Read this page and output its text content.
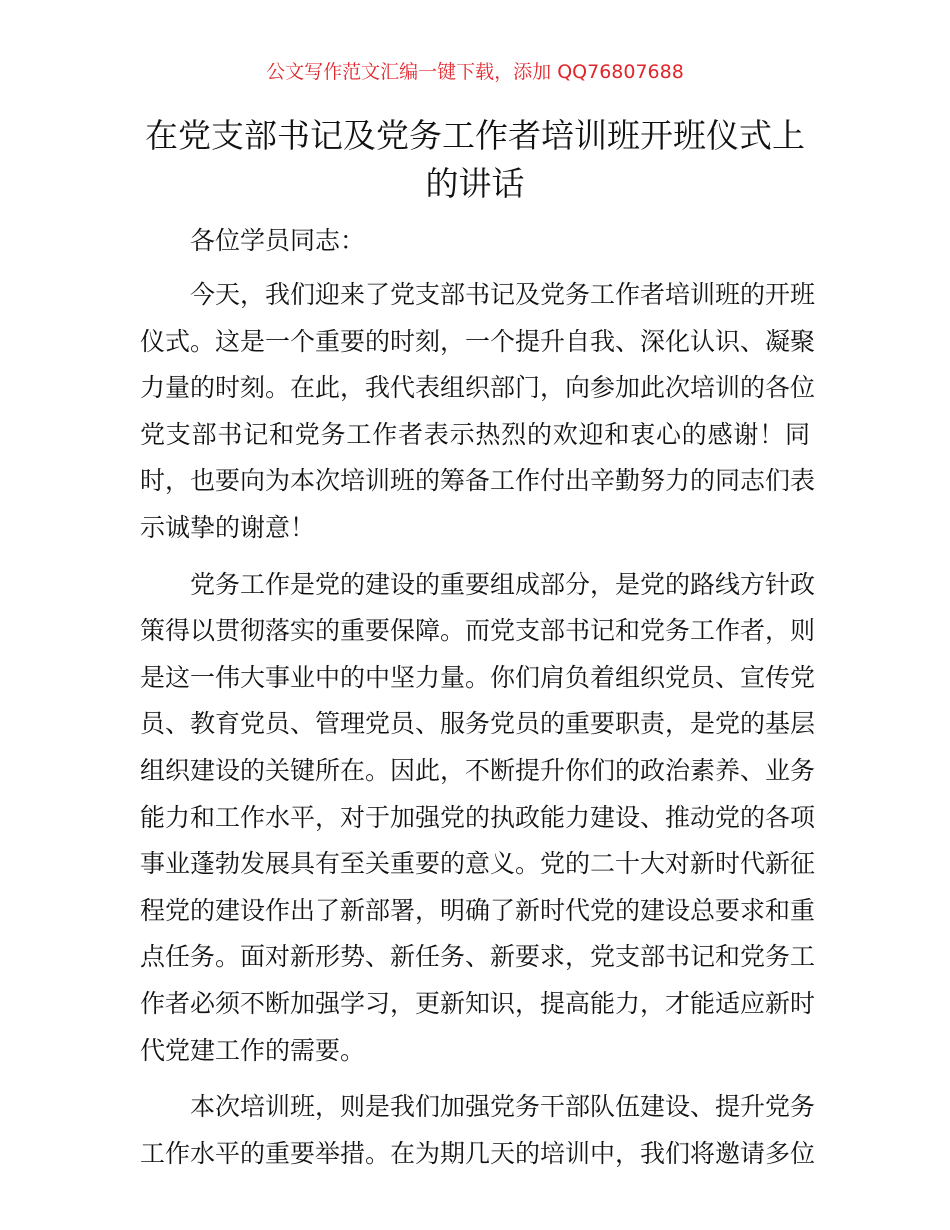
公文写作范文汇编一键下载，添加 QQ76807688
在党支部书记及党务工作者培训班开班仪式上
的讲话
各位学员同志：
今天，我们迎来了党支部书记及党务工作者培训班的开班
仪式。这是一个重要的时刻，一个提升自我、深化认识、凝聚
力量的时刻。在此，我代表组织部门，向参加此次培训的各位
党支部书记和党务工作者表示热烈的欢迎和衷心的感谢！同
时，也要向为本次培训班的筹备工作付出辛勤努力的同志们表
示诚挚的谢意！
党务工作是党的建设的重要组成部分，是党的路线方针政
策得以贯彻落实的重要保障。而党支部书记和党务工作者，则
是这一伟大事业中的中坚力量。你们肩负着组织党员、宣传党
员、教育党员、管理党员、服务党员的重要职责，是党的基层
组织建设的关键所在。因此，不断提升你们的政治素养、业务
能力和工作水平，对于加强党的执政能力建设、推动党的各项
事业蓬勃发展具有至关重要的意义。党的二十大对新时代新征
程党的建设作出了新部署，明确了新时代党的建设总要求和重
点任务。面对新形势、新任务、新要求，党支部书记和党务工
作者必须不断加强学习，更新知识，提高能力，才能适应新时
代党建工作的需要。
本次培训班，则是我们加强党务干部队伍建设、提升党务
工作水平的重要举措。在为期几天的培训中，我们将邀请多位
